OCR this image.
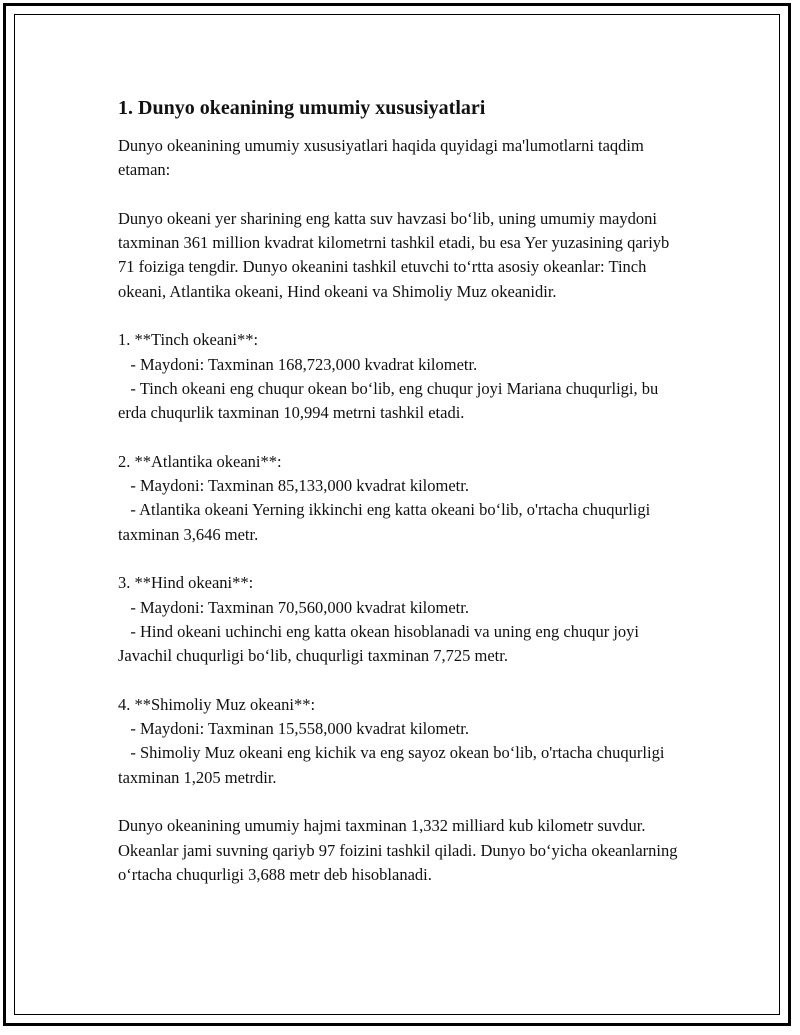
1. Dunyo okeanining umumiy xususiyatlari

Dunyo okeanining umumiy xususiyatlari haqida quyidagi ma'lumotlarni taqdim etaman:

Dunyo okeani yer sharining eng katta suv havzasi bo‘lib, uning umumiy maydoni taxminan 361 million kvadrat kilometrni tashkil etadi, bu esa Yer yuzasining qariyb 71 foiziga tengdir. Dunyo okeanini tashkil etuvchi to‘rtta asosiy okeanlar: Tinch okeani, Atlantika okeani, Hind okeani va Shimoliy Muz okeanidir.

1. **Tinch okeani**:

- Maydoni: Taxminan 168,723,000 kvadrat kilometr.

- Tinch okeani eng chuqur okean bo‘lib, eng chuqur joyi Mariana chuqurligi, bu erda chuqurlik taxminan 10,994 metrni tashkil etadi.

2. **Atlantika okeani**:

- Maydoni: Taxminan 85,133,000 kvadrat kilometr.

- Atlantika okeani Yerning ikkinchi eng katta okeani bo‘lib, o'rtacha chuqurligi taxminan 3,646 metr.

3. **Hind okeani**:

- Maydoni: Taxminan 70,560,000 kvadrat kilometr.

- Hind okeani uchinchi eng katta okean hisoblanadi va uning eng chuqur joyi Javachil chuqurligi bo‘lib, chuqurligi taxminan 7,725 metr.

4. **Shimoliy Muz okeani**:

- Maydoni: Taxminan 15,558,000 kvadrat kilometr.

- Shimoliy Muz okeani eng kichik va eng sayoz okean bo‘lib, o'rtacha chuqurligi taxminan 1,205 metrdir.

Dunyo okeanining umumiy hajmi taxminan 1,332 milliard kub kilometr suvdur. Okeanlar jami suvning qariyb 97 foizini tashkil qiladi. Dunyo bo‘yicha okeanlarning o‘rtacha chuqurligi 3,688 metr deb hisoblanadi.
